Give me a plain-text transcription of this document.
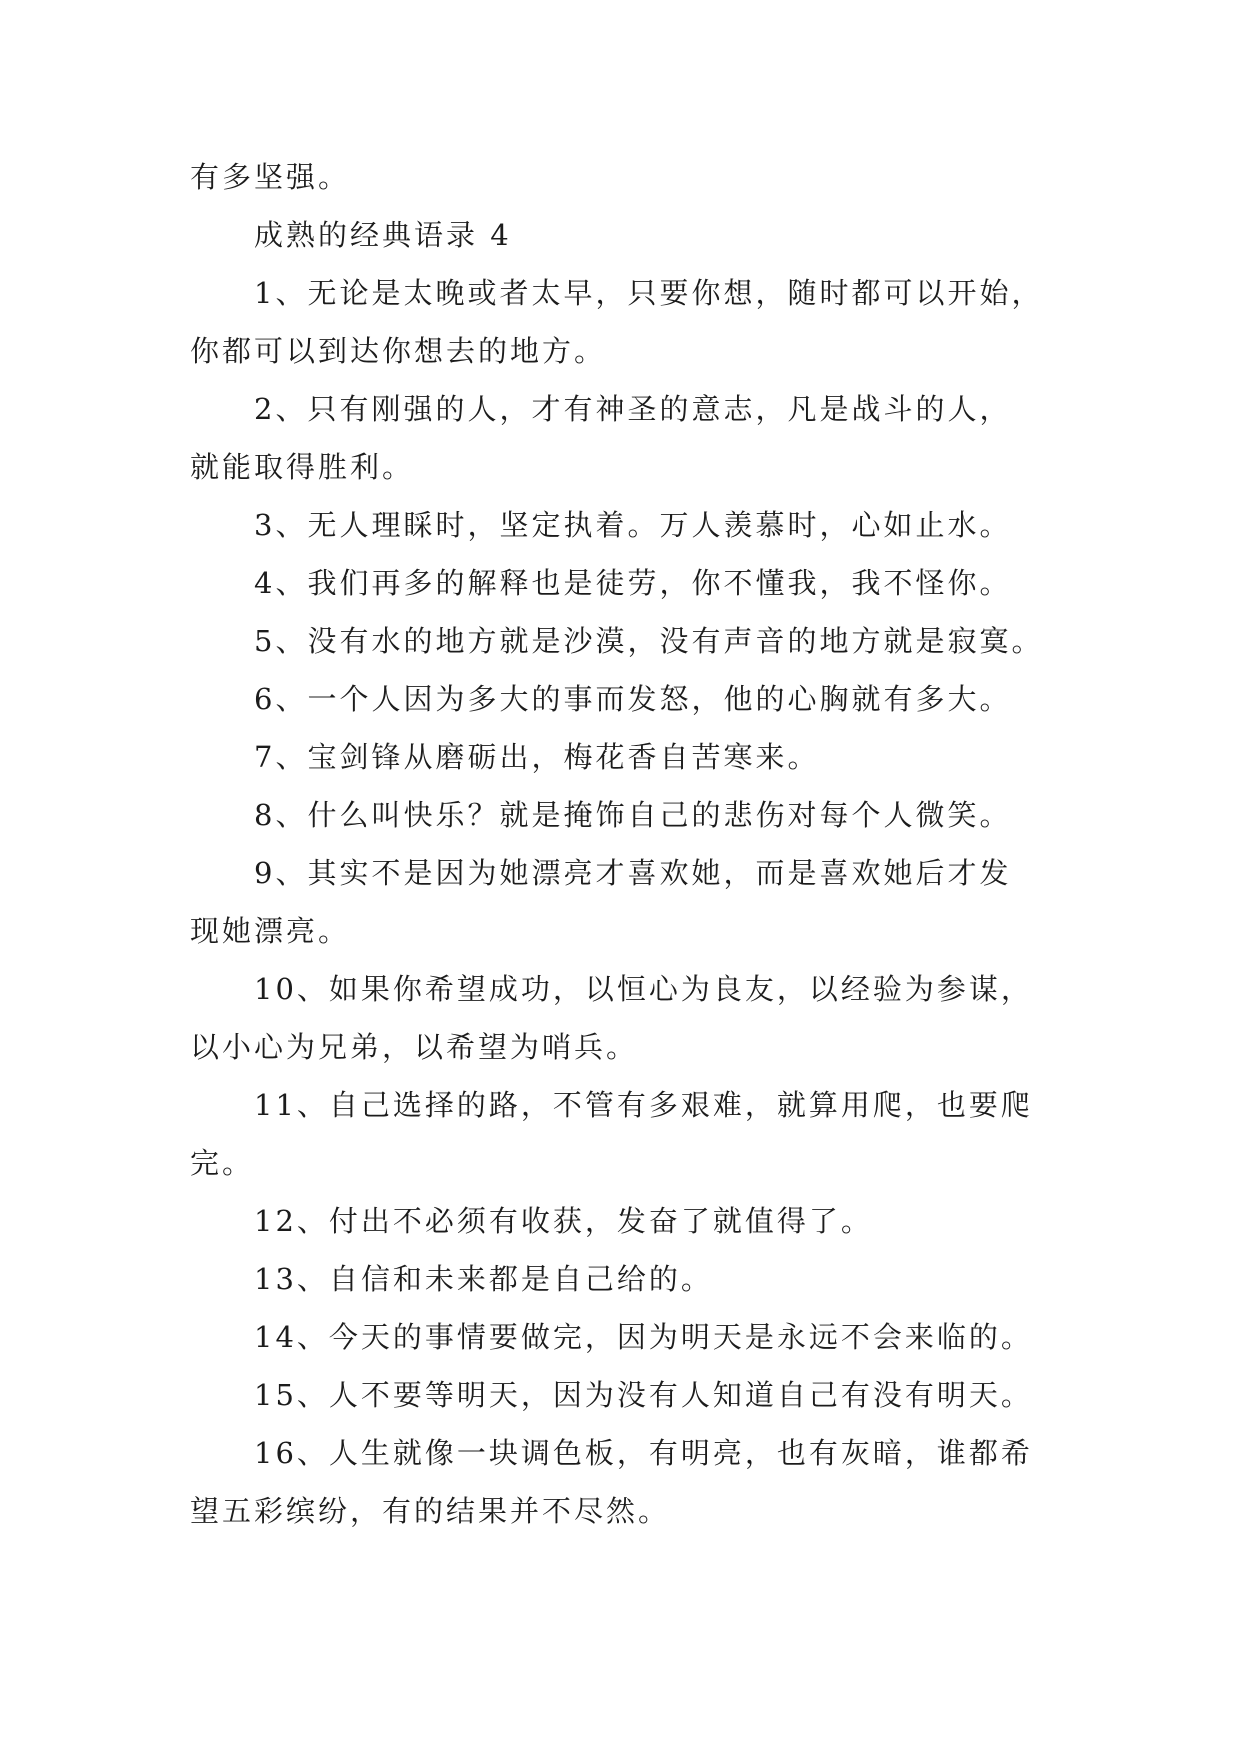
有多坚强。

成熟的经典语录 4

1、无论是太晚或者太早，只要你想，随时都可以开始，

你都可以到达你想去的地方。

2、只有刚强的人，才有神圣的意志，凡是战斗的人，

就能取得胜利。

3、无人理睬时，坚定执着。万人羡慕时，心如止水。

4、我们再多的解释也是徒劳，你不懂我，我不怪你。

5、没有水的地方就是沙漠，没有声音的地方就是寂寞。

6、一个人因为多大的事而发怒，他的心胸就有多大。

7、宝剑锋从磨砺出，梅花香自苦寒来。

8、什么叫快乐？就是掩饰自己的悲伤对每个人微笑。

9、其实不是因为她漂亮才喜欢她，而是喜欢她后才发

现她漂亮。

10、如果你希望成功，以恒心为良友，以经验为参谋，

以小心为兄弟，以希望为哨兵。

11、自己选择的路，不管有多艰难，就算用爬，也要爬

完。

12、付出不必须有收获，发奋了就值得了。

13、自信和未来都是自己给的。

14、今天的事情要做完，因为明天是永远不会来临的。

15、人不要等明天，因为没有人知道自己有没有明天。

16、人生就像一块调色板，有明亮，也有灰暗，谁都希

望五彩缤纷，有的结果并不尽然。
